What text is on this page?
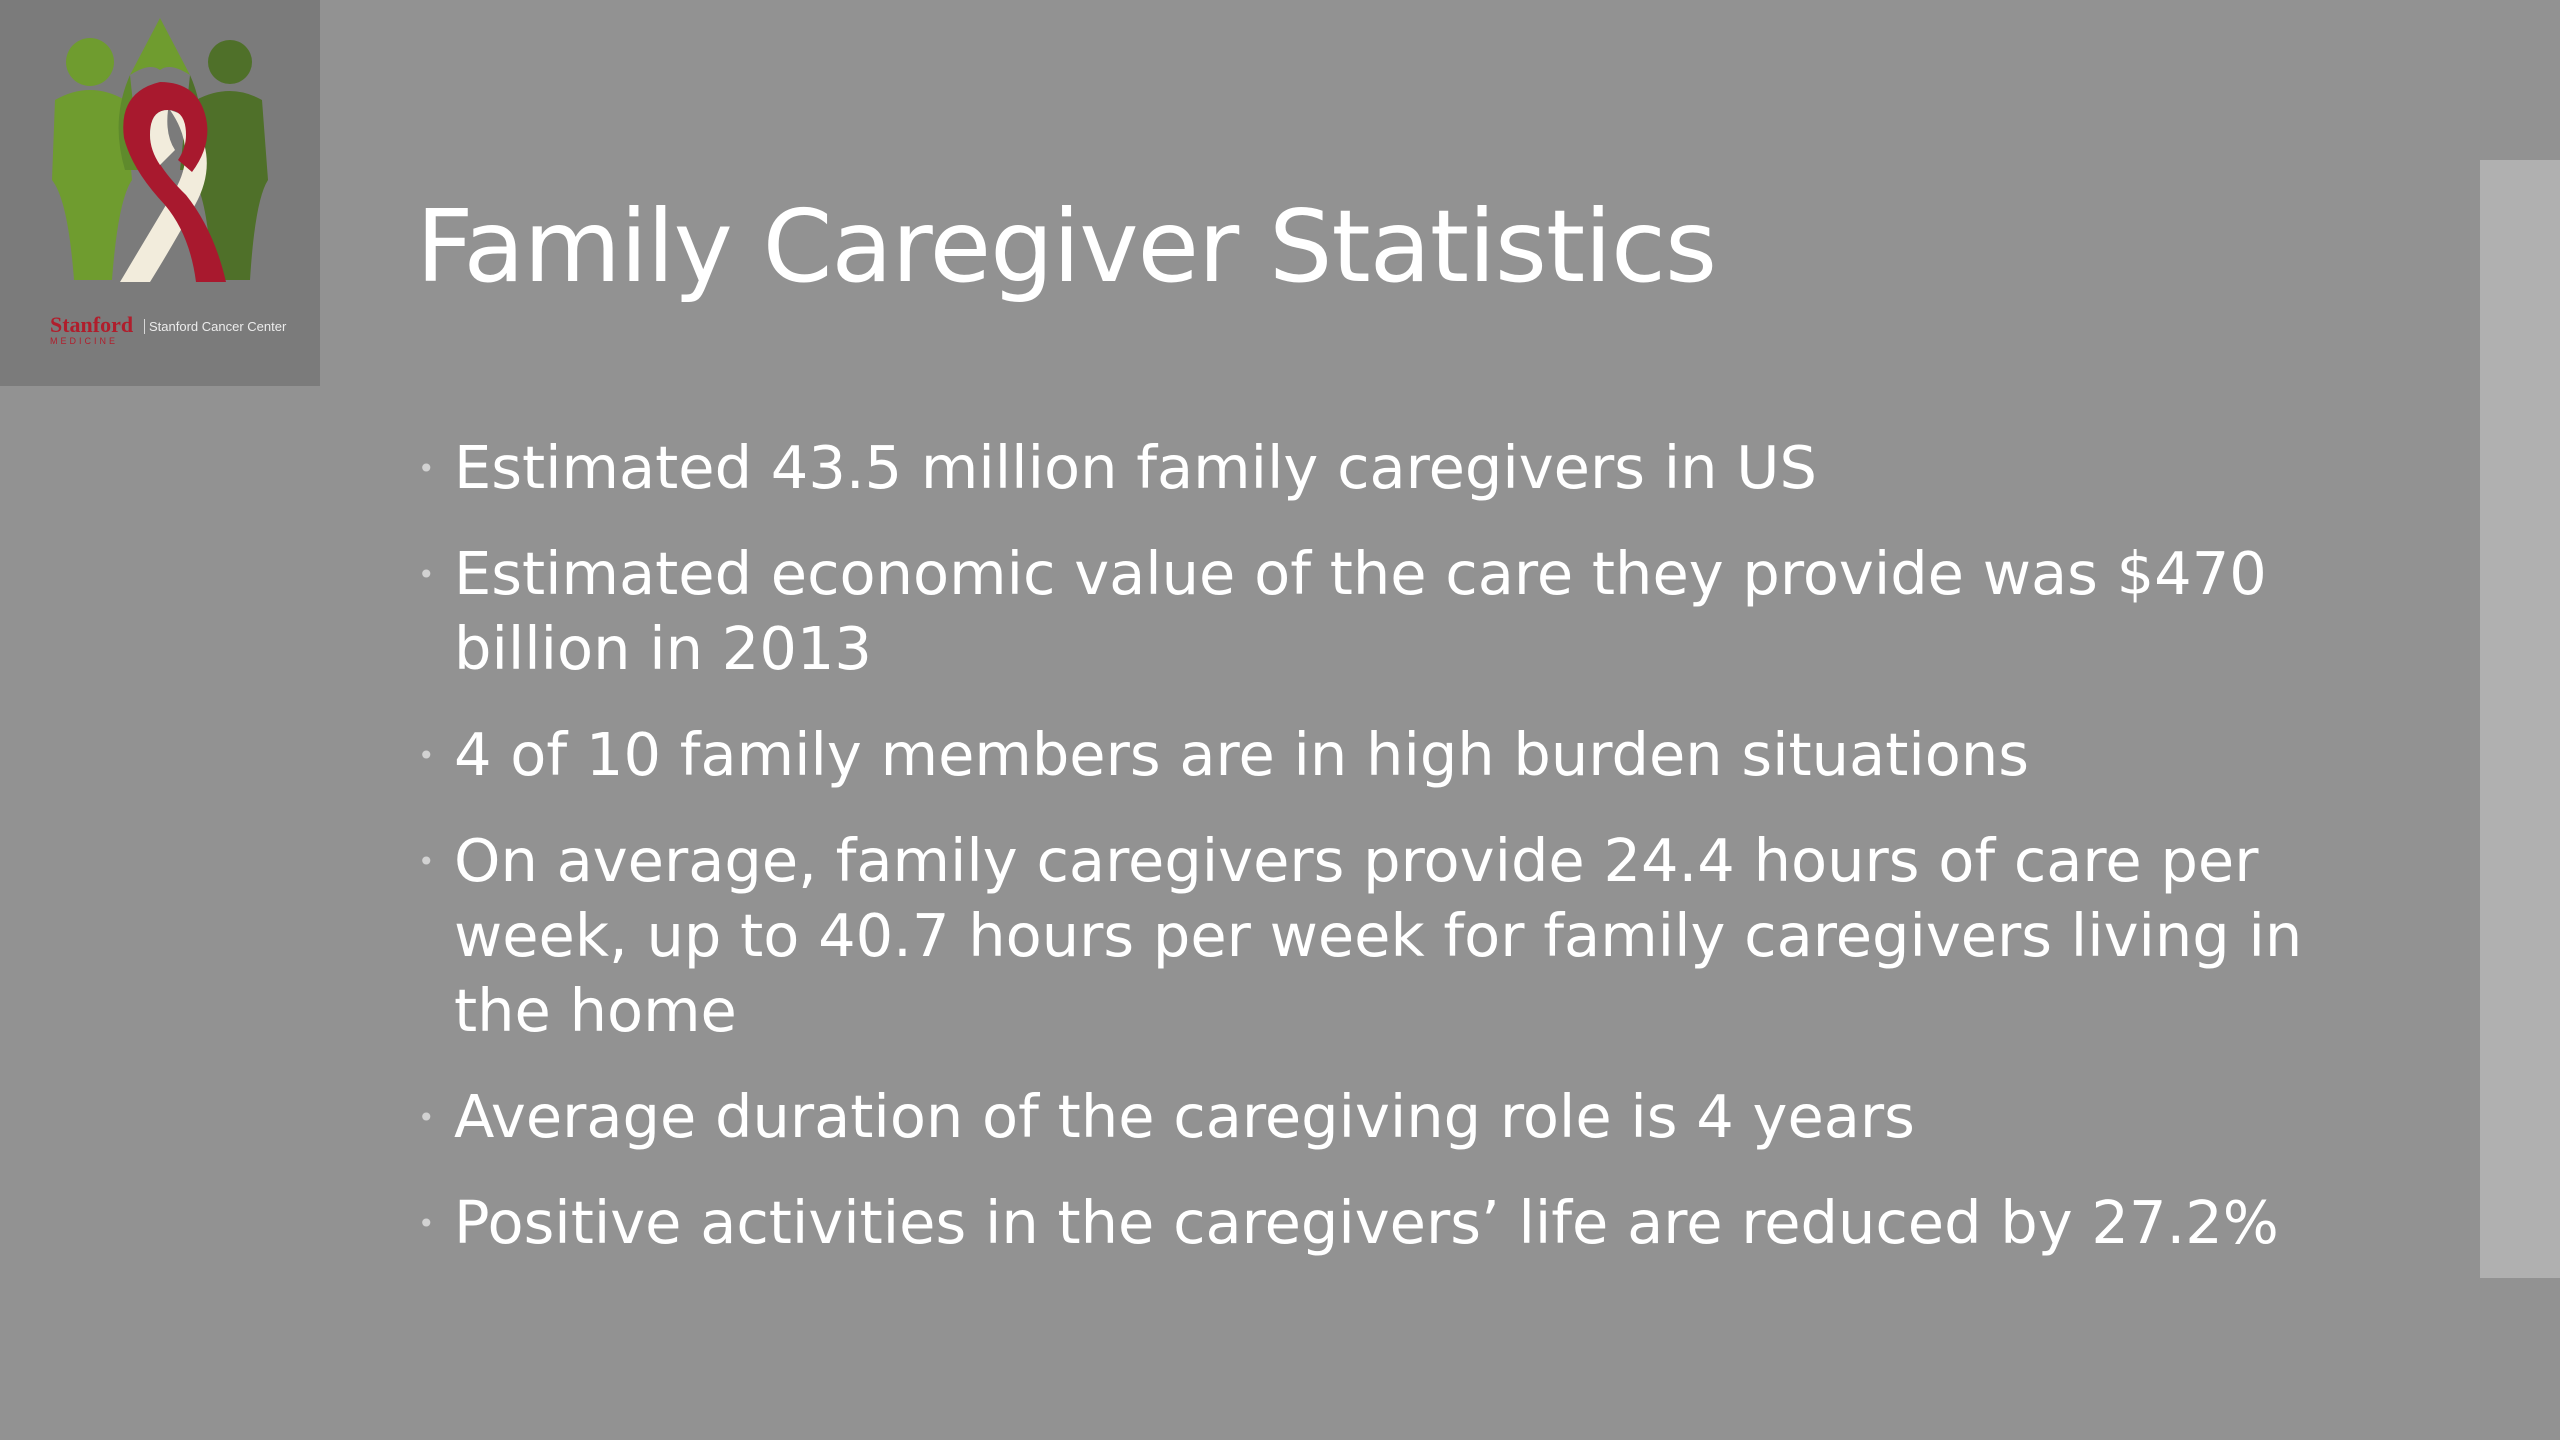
Stanford
MEDICINE
Stanford Cancer Center
Family Caregiver Statistics
• Estimated 43.5 million family caregivers in US
• Estimated economic value of the care they provide was $470 billion in 2013
• 4 of 10 family members are in high burden situations
• On average, family caregivers provide 24.4 hours of care per week, up to 40.7 hours per week for family caregivers living in the home
• Average duration of the caregiving role is 4 years
• Positive activities in the caregivers’ life are reduced by 27.2%
